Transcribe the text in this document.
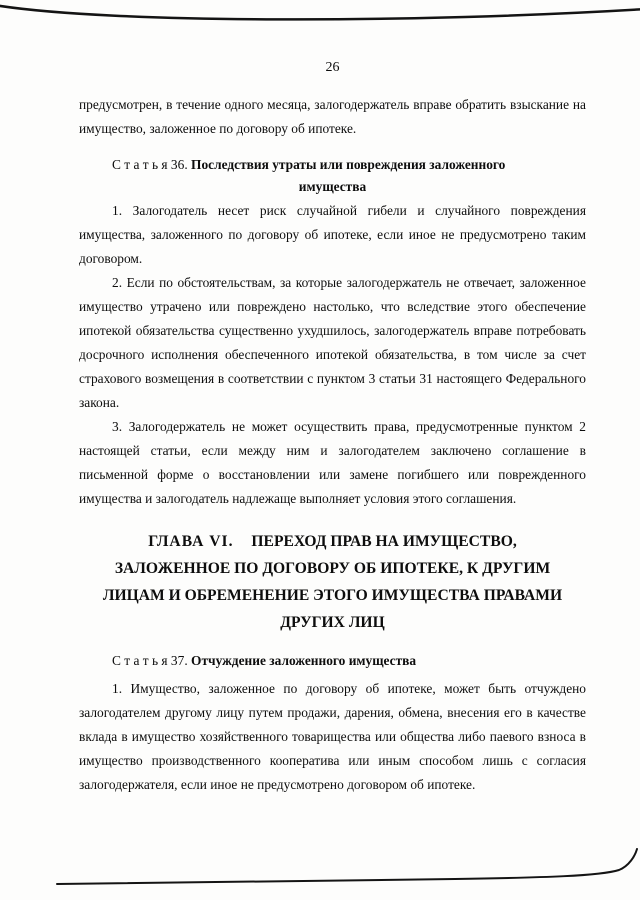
26

предусмотрен, в течение одного месяца, залогодержатель вправе обратить взыскание на имущество, заложенное по договору об ипотеке.

С т а т ь я 36. Последствия утраты или повреждения заложенного
имущества

1. Залогодатель несет риск случайной гибели и случайного повреждения имущества, заложенного по договору об ипотеке, если иное не предусмотрено таким договором.

2. Если по обстоятельствам, за которые залогодержатель не отвечает, заложенное имущество утрачено или повреждено настолько, что вследствие этого обеспечение ипотекой обязательства существенно ухудшилось, залогодержатель вправе потребовать досрочного исполнения обеспеченного ипотекой обязательства, в том числе за счет страхового возмещения в соответствии с пунктом 3 статьи 31 настоящего Федерального закона.

3. Залогодержатель не может осуществить права, предусмотренные пунктом 2 настоящей статьи, если между ним и залогодателем заключено соглашение в письменной форме о восстановлении или замене погибшего или поврежденного имущества и залогодатель надлежаще выполняет условия этого соглашения.

ГЛАВА VI. ПЕРЕХОД ПРАВ НА ИМУЩЕСТВО, ЗАЛОЖЕННОЕ ПО ДОГОВОРУ ОБ ИПОТЕКЕ, К ДРУГИМ ЛИЦАМ И ОБРЕМЕНЕНИЕ ЭТОГО ИМУЩЕСТВА ПРАВАМИ ДРУГИХ ЛИЦ
С т а т ь я 37. Отчуждение заложенного имущества

1. Имущество, заложенное по договору об ипотеке, может быть отчуждено залогодателем другому лицу путем продажи, дарения, обмена, внесения его в качестве вклада в имущество хозяйственного товарищества или общества либо паевого взноса в имущество производственного кооператива или иным способом лишь с согласия залогодержателя, если иное не предусмотрено договором об ипотеке.
